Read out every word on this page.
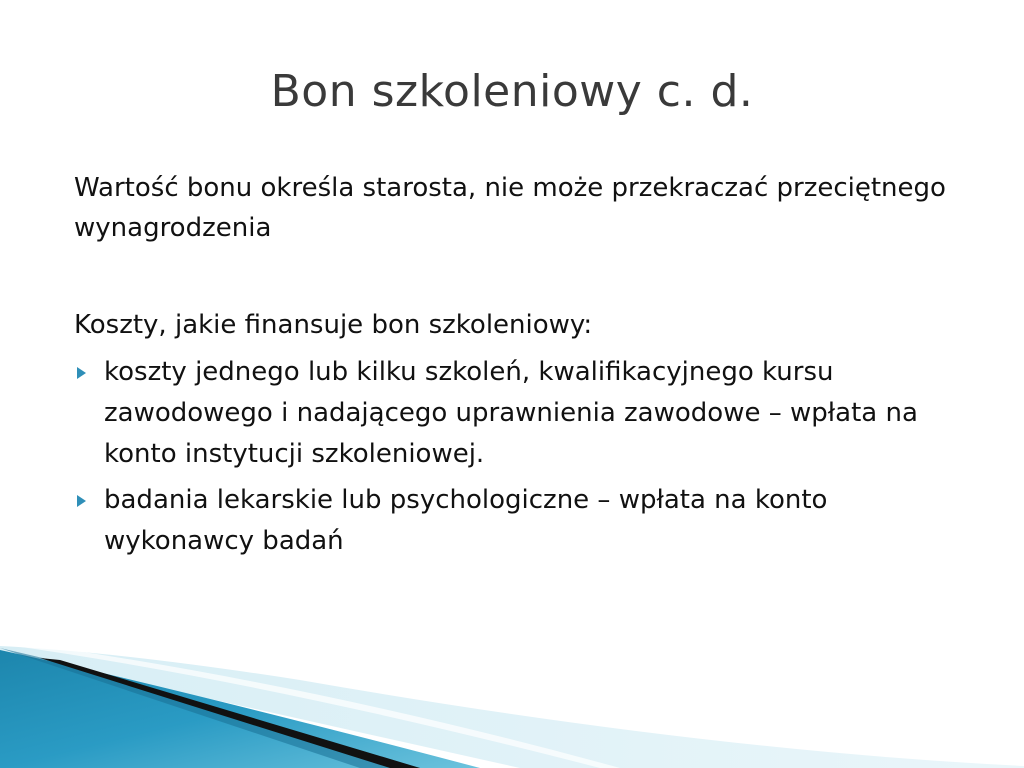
Bon szkoleniowy c. d.

Wartość bonu określa starosta, nie może przekraczać przeciętnego wynagrodzenia

Koszty, jakie finansuje bon szkoleniowy:

koszty jednego lub kilku szkoleń, kwalifikacyjnego kursu zawodowego i nadającego uprawnienia zawodowe – wpłata na konto instytucji szkoleniowej.
badania lekarskie lub psychologiczne – wpłata na konto wykonawcy badań
